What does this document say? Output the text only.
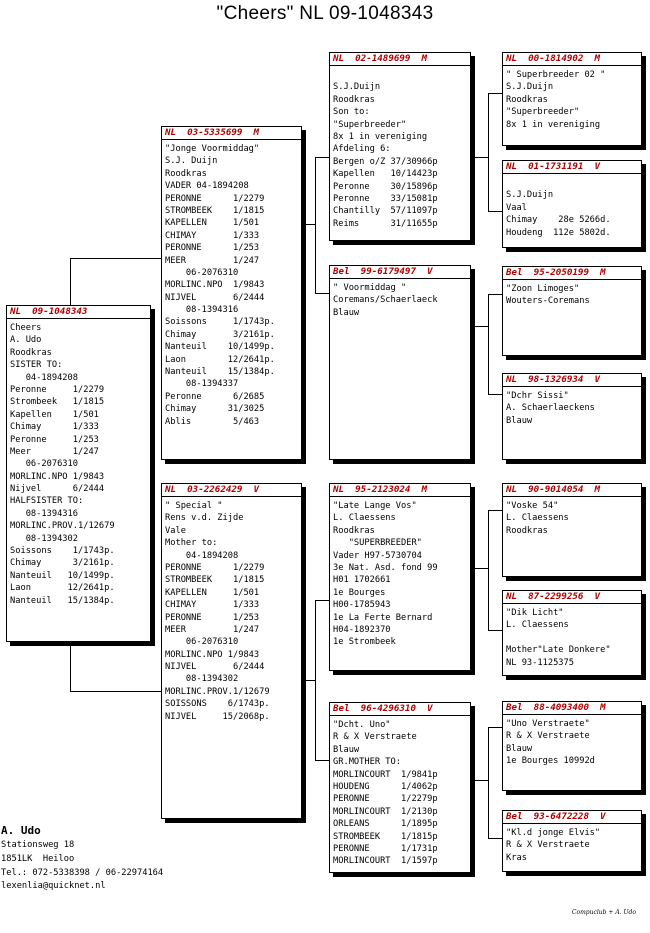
"Cheers" NL 09-1048343
NL  09-1048343
Cheers
A. Udo
Roodkras
SISTER TO:
04-1894208
Peronne     1/2279
Strombeek   1/1815
Kapellen    1/501
Chimay      1/333
Peronne     1/253
Meer        1/247
06-2076310
MORLINC.NPO 1/9843
Nijvel      6/2444
HALFSISTER TO:
08-1394316
MORLINC.PROV.1/12679
08-1394302
Soissons    1/1743p.
Chimay      3/2161p.
Nanteuil   10/1499p.
Laon       12/2641p.
Nanteuil   15/1384p.
NL  03-5335699  M
"Jonge Voormiddag"
S.J. Duijn
Roodkras
VADER 04-1894208
PERONNE      1/2279
STROMBEEK    1/1815
KAPELLEN     1/501
CHIMAY       1/333
PERONNE      1/253
MEER         1/247
06-2076310
MORLINC.NPO  1/9843
NIJVEL       6/2444
08-1394316
Soissons     1/1743p.
Chimay       3/2161p.
Nanteuil    10/1499p.
Laon        12/2641p.
Nanteuil    15/1384p.
08-1394337
Peronne      6/2685
Chimay      31/3025
Ablis        5/463
NL  03-2262429  V
" Special "
Rens v.d. Zijde
Vale
Mother to:
04-1894208
PERONNE      1/2279
STROMBEEK    1/1815
KAPELLEN     1/501
CHIMAY       1/333
PERONNE      1/253
MEER         1/247
06-2076310
MORLINC.NPO 1/9843
NIJVEL       6/2444
08-1394302
MORLINC.PROV.1/12679
SOISSONS    6/1743p.
NIJVEL     15/2068p.
NL  02-1489699  M
S.J.Duijn
Roodkras
Son to:
"Superbreeder"
8x 1 in vereniging
Afdeling 6:
Bergen o/Z 37/30966p
Kapellen   10/14423p
Peronne    30/15896p
Peronne    33/15081p
Chantilly  57/11097p
Reims      31/11655p
Bel  99-6179497  V
" Voormiddag "
Coremans/Schaerlaeck
Blauw
NL  95-2123024  M
"Late Lange Vos"
L. Claessens
Roodkras
"SUPERBREEDER"
Vader H97-5730704
3e Nat. Asd. fond 99
H01 1702661
1e Bourges
H00-1785943
1e La Ferte Bernard
H04-1892370
1e Strombeek
Bel  96-4296310  V
"Dcht. Uno"
R & X Verstraete
Blauw
GR.MOTHER TO:
MORLINCOURT  1/9841p
HOUDENG      1/4062p
PERONNE      1/2279p
MORLINCOURT  1/2130p
ORLEANS      1/1895p
STROMBEEK    1/1815p
PERONNE      1/1731p
MORLINCOURT  1/1597p
NL  00-1814902  M
" Superbreeder 02 "
S.J.Duijn
Roodkras
"Superbreeder"
8x 1 in vereniging
NL  01-1731191  V
S.J.Duijn
Vaal
Chimay    28e 5266d.
Houdeng  112e 5802d.
Bel  95-2050199  M
"Zoon Limoges"
Wouters-Coremans
NL  98-1326934  V
"Dchr Sissi"
A. Schaerlaeckens
Blauw
NL  90-9014054  M
"Voske 54"
L. Claessens
Roodkras
NL  87-2299256  V
"Dik Licht"
L. Claessens
Mother"Late Donkere"
NL 93-1125375
Bel  88-4093400  M
"Uno Verstraete"
R & X Verstraete
Blauw
1e Bourges 10992d
Bel  93-6472228  V
"Kl.d jonge Elvis"
R & X Verstraete
Kras
A. Udo
Stationsweg 18
1851LK  Heiloo
Tel.: 072-5338398 / 06-22974164
lexenlia@quicknet.nl
Compuclub + A. Udo
